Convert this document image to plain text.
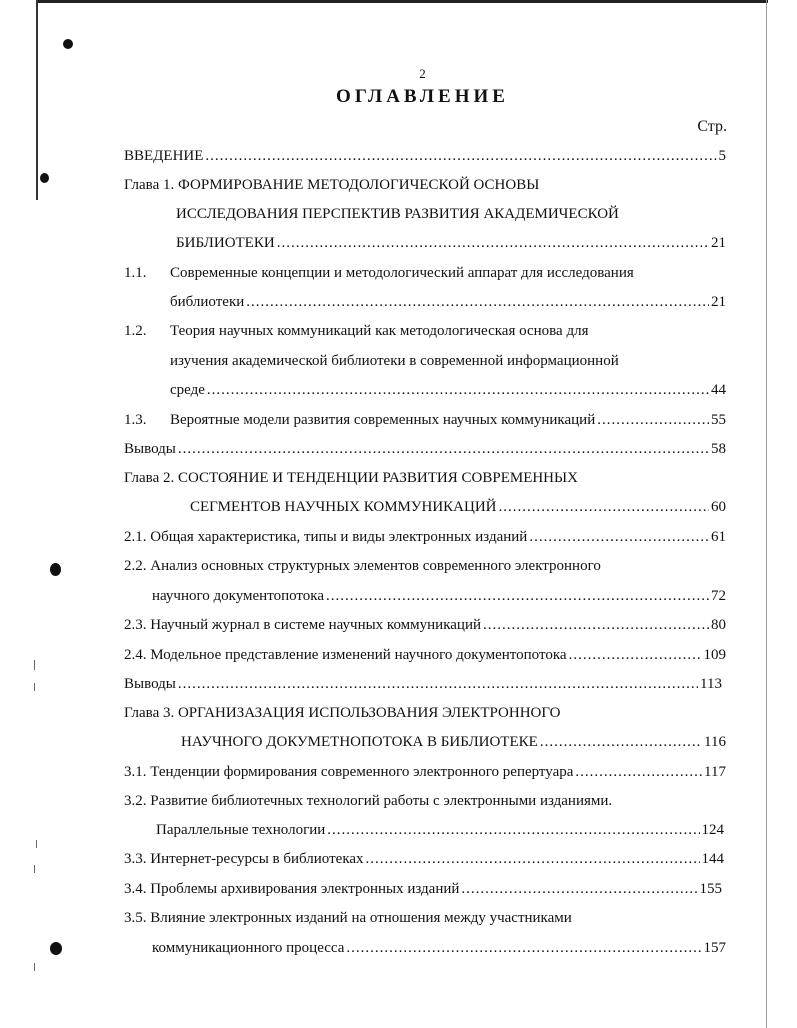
2
ОГЛАВЛЕНИЕ
Стр.
ВВЕДЕНИЕ .....	5
Глава 1. ФОРМИРОВАНИЕ МЕТОДОЛОГИЧЕСКОЙ ОСНОВЫ
ИССЛЕДОВАНИЯ ПЕРСПЕКТИВ РАЗВИТИЯ АКАДЕМИЧЕСКОЙ
БИБЛИОТЕКИ .....	21
1.1. Современные концепции и методологический аппарат для исследования
библиотеки .....	21
1.2. Теория научных коммуникаций как методологическая основа для
изучения академической библиотеки в современной информационной
среде .....	44
1.3. Вероятные модели развития современных научных коммуникаций .....	55
Выводы .....	58
Глава 2. СОСТОЯНИЕ И ТЕНДЕНЦИИ РАЗВИТИЯ СОВРЕМЕННЫХ
СЕГМЕНТОВ НАУЧНЫХ КОММУНИКАЦИЙ .....	60
2.1. Общая характеристика, типы и виды электронных изданий .....	61
2.2. Анализ основных структурных элементов современного электронного
научного документопотока .....	72
2.3. Научный журнал в системе научных коммуникаций .....	80
2.4. Модельное представление изменений научного документопотока .....	109
Выводы .....	113
Глава 3. ОРГАНИЗАЗАЦИЯ ИСПОЛЬЗОВАНИЯ ЭЛЕКТРОННОГО
НАУЧНОГО ДОКУМЕТНОПОТОКА В БИБЛИОТЕКЕ .....	116
3.1. Тенденции формирования современного электронного репертуара .....	117
3.2. Развитие библиотечных технологий работы с электронными изданиями.
Параллельные технологии .....	124
3.3. Интернет-ресурсы в библиотеках .....	144
3.4. Проблемы архивирования электронных изданий .....	155
3.5. Влияние электронных изданий на отношения между участниками
коммуникационного процесса .....	157
